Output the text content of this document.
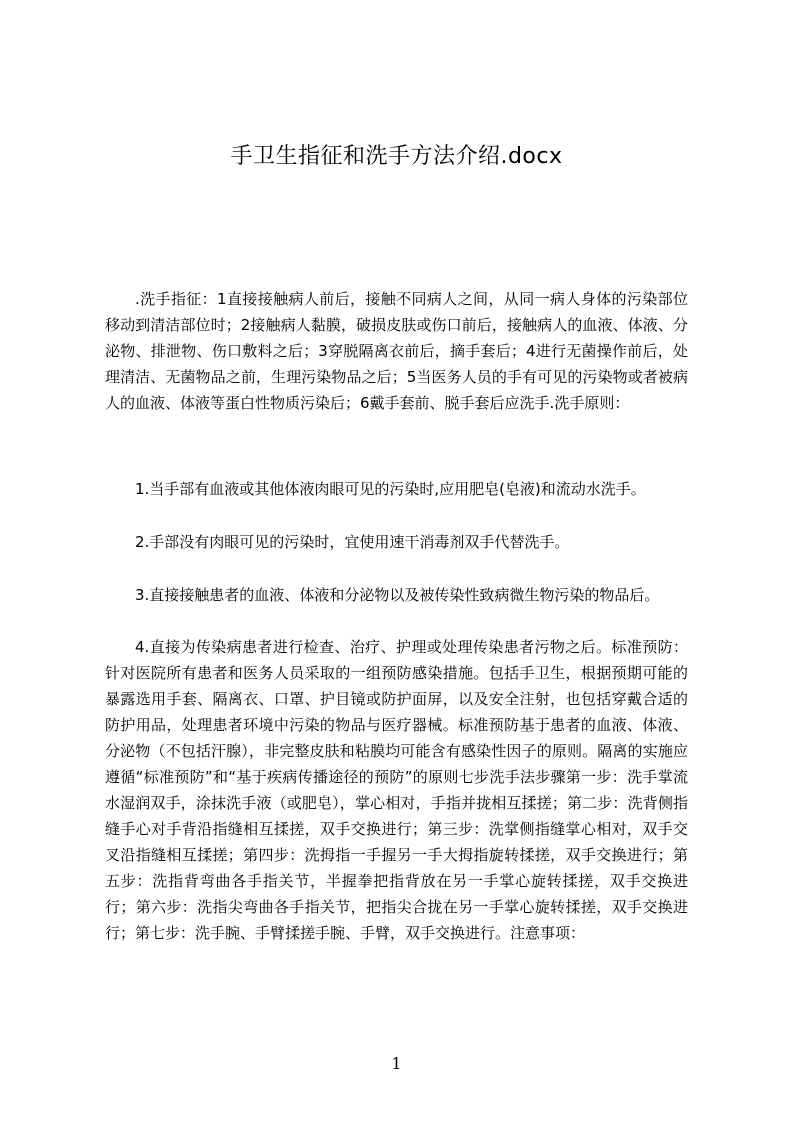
手卫生指征和洗手方法介绍.docx

.洗手指征：1直接接触病人前后，接触不同病人之间，从同一病人身体的污染部位移动到清洁部位时；2接触病人黏膜，破损皮肤或伤口前后，接触病人的血液、体液、分泌物、排泄物、伤口敷料之后；3穿脱隔离衣前后，摘手套后；4进行无菌操作前后，处理清洁、无菌物品之前，生理污染物品之后；5当医务人员的手有可见的污染物或者被病人的血液、体液等蛋白性物质污染后；6戴手套前、脱手套后应洗手.洗手原则：

1.当手部有血液或其他体液肉眼可见的污染时,应用肥皂(皂液)和流动水洗手。

2.手部没有肉眼可见的污染时，宜使用速干消毒剂双手代替洗手。

3.直接接触患者的血液、体液和分泌物以及被传染性致病微生物污染的物品后。

4.直接为传染病患者进行检查、治疗、护理或处理传染患者污物之后。标准预防：针对医院所有患者和医务人员采取的一组预防感染措施。包括手卫生，根据预期可能的暴露选用手套、隔离衣、口罩、护目镜或防护面屏，以及安全注射，也包括穿戴合适的防护用品，处理患者环境中污染的物品与医疗器械。标准预防基于患者的血液、体液、分泌物（不包括汗腺），非完整皮肤和粘膜均可能含有感染性因子的原则。隔离的实施应遵循“标准预防”和“基于疾病传播途径的预防”的原则七步洗手法步骤第一步：洗手掌流水湿润双手，涂抹洗手液（或肥皂），掌心相对，手指并拢相互揉搓；第二步：洗背侧指缝手心对手背沿指缝相互揉搓，双手交换进行；第三步：洗掌侧指缝掌心相对，双手交叉沿指缝相互揉搓；第四步：洗拇指一手握另一手大拇指旋转揉搓，双手交换进行；第五步：洗指背弯曲各手指关节，半握拳把指背放在另一手掌心旋转揉搓，双手交换进行；第六步：洗指尖弯曲各手指关节，把指尖合拢在另一手掌心旋转揉搓，双手交换进行；第七步：洗手腕、手臂揉搓手腕、手臂，双手交换进行。注意事项：

1
